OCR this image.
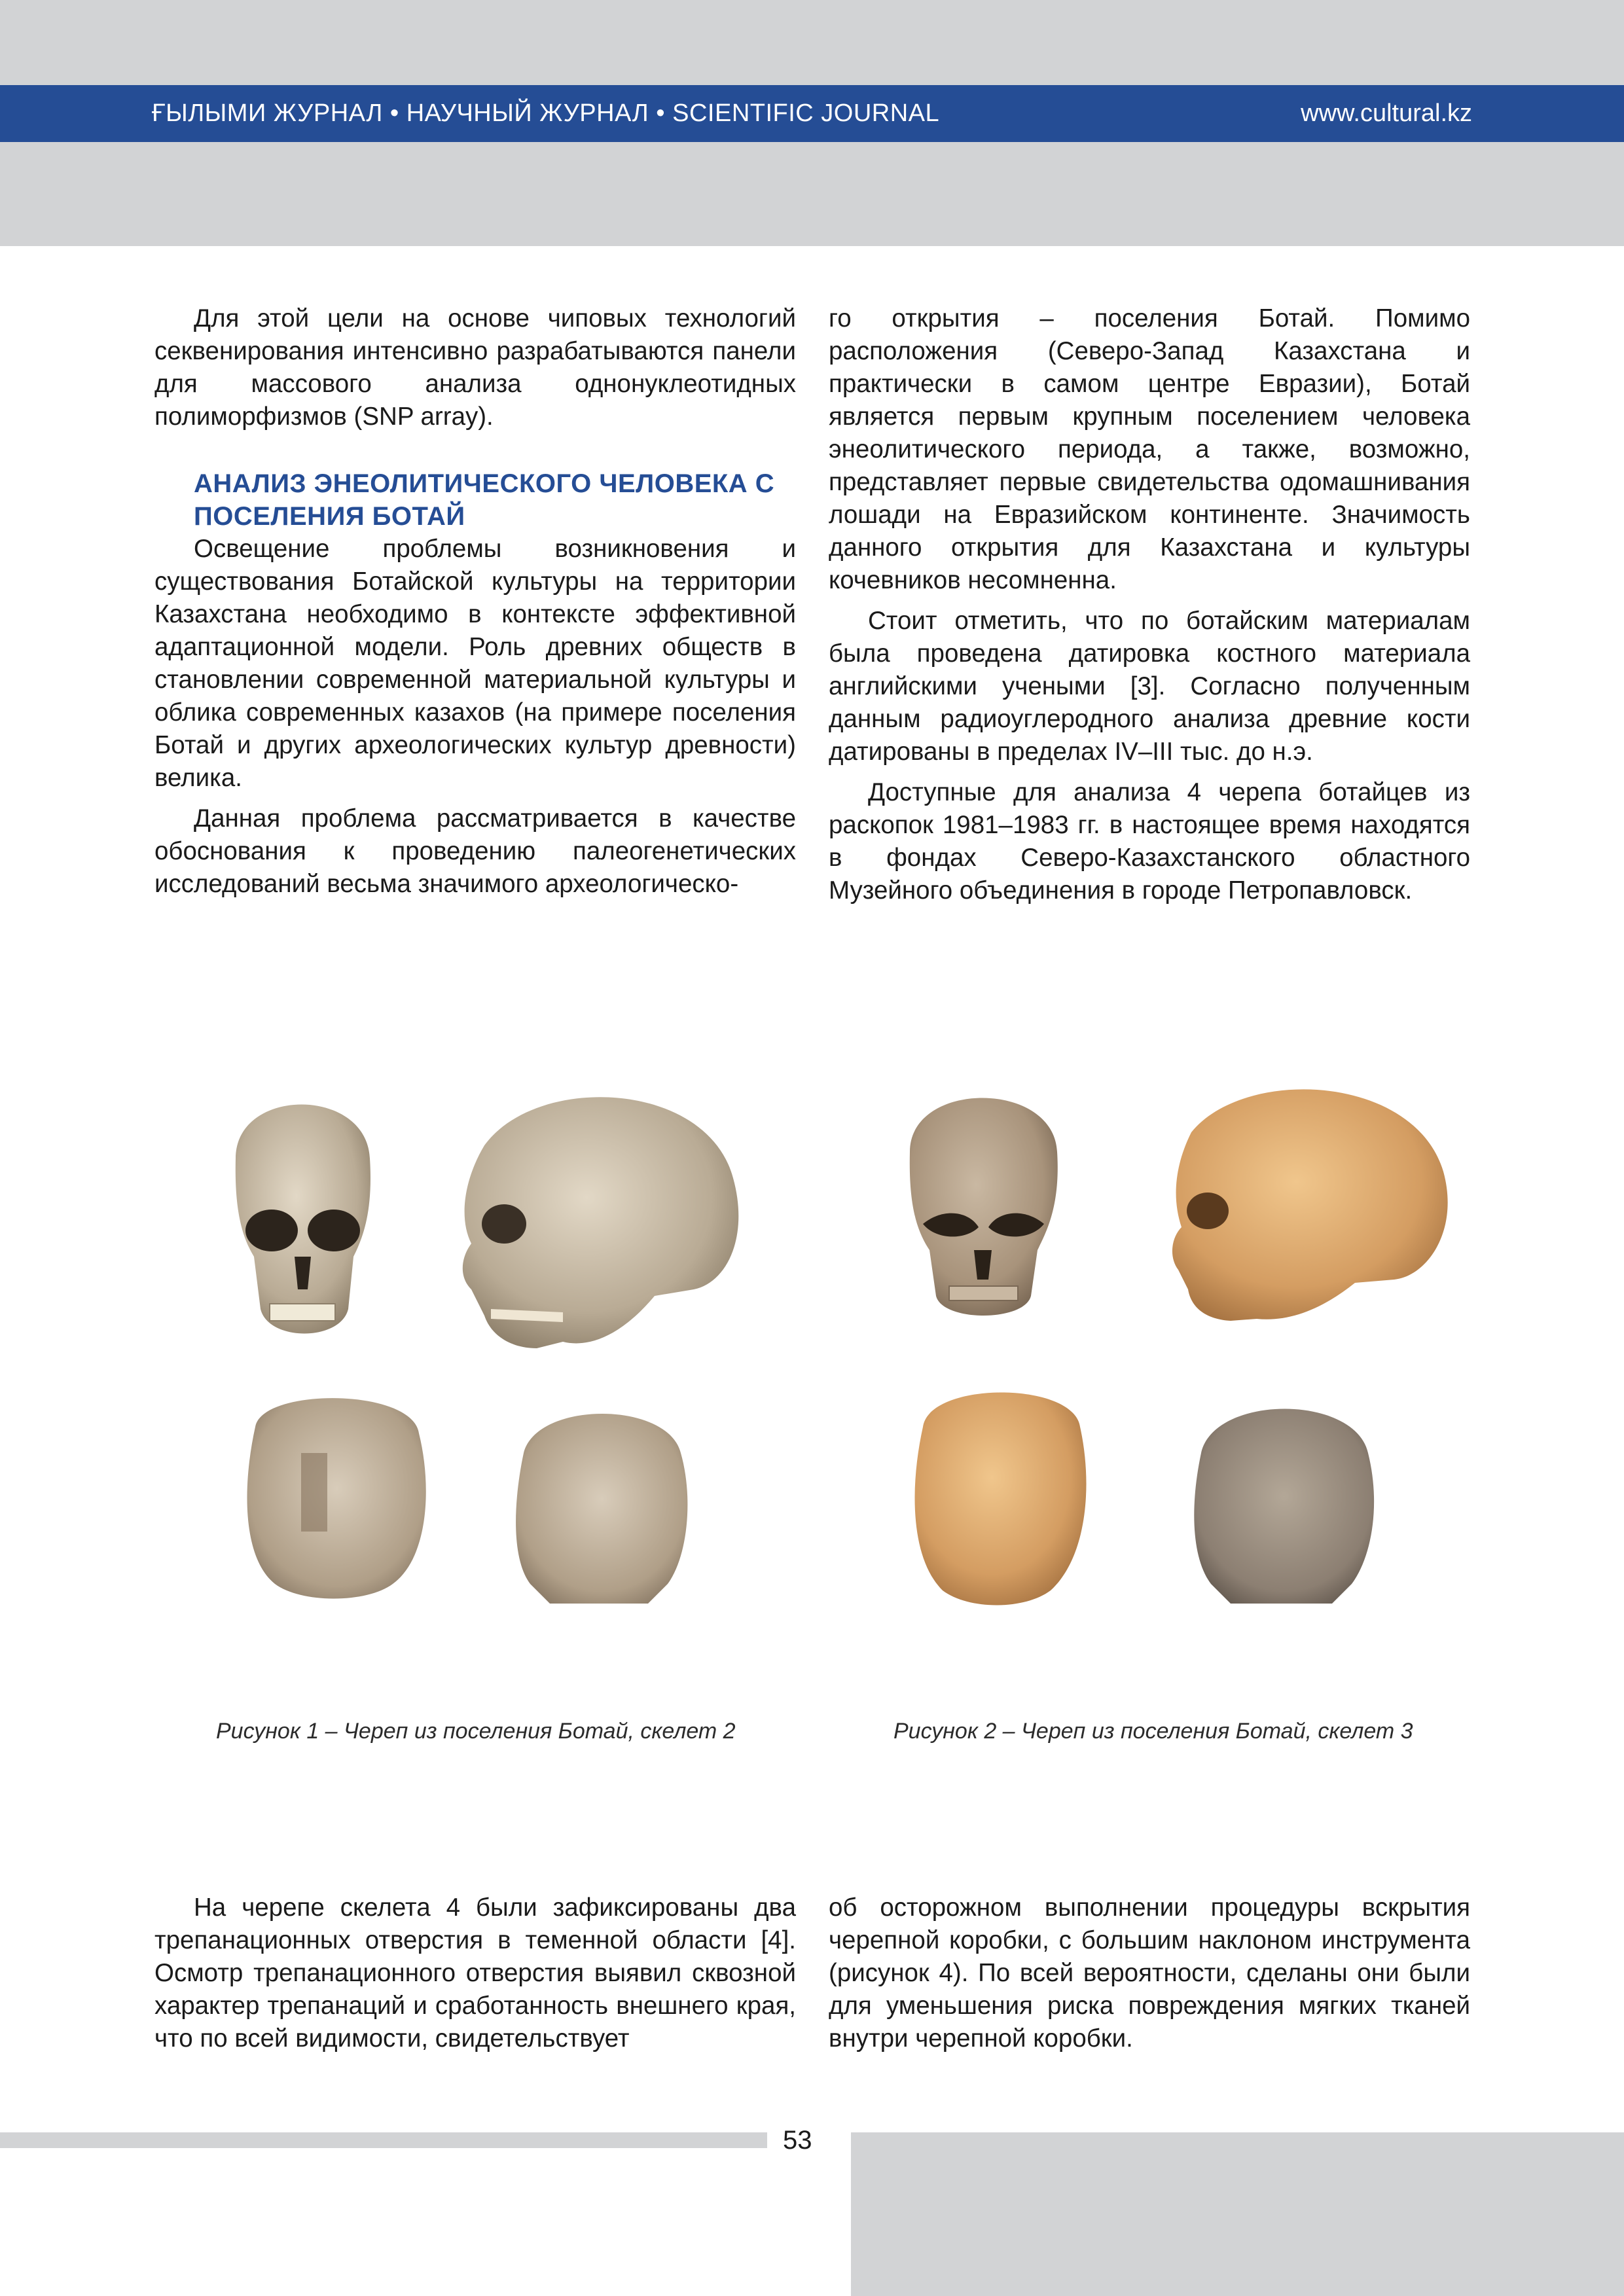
ҒЫЛЫМИ ЖУРНАЛ • НАУЧНЫЙ ЖУРНАЛ • SCIENTIFIC JOURNAL	www.cultural.kz

Для этой цели на основе чиповых технологий секвенирования интенсивно разрабатываются панели для массового анализа однонуклеотидных полиморфизмов (SNP array).

АНАЛИЗ ЭНЕОЛИТИЧЕСКОГО ЧЕЛОВЕКА С ПОСЕЛЕНИЯ БОТАЙ

Освещение проблемы возникновения и существования Ботайской культуры на территории Казахстана необходимо в контексте эффективной адаптационной модели. Роль древних обществ в становлении современной материальной культуры и облика современных казахов (на примере поселения Ботай и других археологических культур древности) велика.

Данная проблема рассматривается в качестве обоснования к проведению палеогенетических исследований весьма значимого археологическо-

го открытия – поселения Ботай. Помимо расположения (Северо-Запад Казахстана и практически в самом центре Евразии), Ботай является первым крупным поселением человека энеолитического периода, а также, возможно, представляет первые свидетельства одомашнивания лошади на Евразийском континенте. Значимость данного открытия для Казахстана и культуры кочевников несомненна.

Стоит отметить, что по ботайским материалам была проведена датировка костного материала английскими учеными [3]. Согласно полученным данным радиоуглеродного анализа древние кости датированы в пределах IV–III тыс. до н.э.

Доступные для анализа 4 черепа ботайцев из раскопок 1981–1983 гг. в настоящее время находятся в фондах Северо-Казахстанского областного Музейного объединения в городе Петропавловск.

Рисунок 1 – Череп из поселения Ботай, скелет 2	Рисунок 2 – Череп из поселения Ботай, скелет 3

На черепе скелета 4 были зафиксированы два трепанационных отверстия в теменной области [4]. Осмотр трепанационного отверстия выявил сквозной характер трепанаций и сработанность внешнего края, что по всей видимости, свидетельствует

об осторожном выполнении процедуры вскрытия черепной коробки, с большим наклоном инструмента (рисунок 4). По всей вероятности, сделаны они были для уменьшения риска повреждения мягких тканей внутри черепной коробки.

53
